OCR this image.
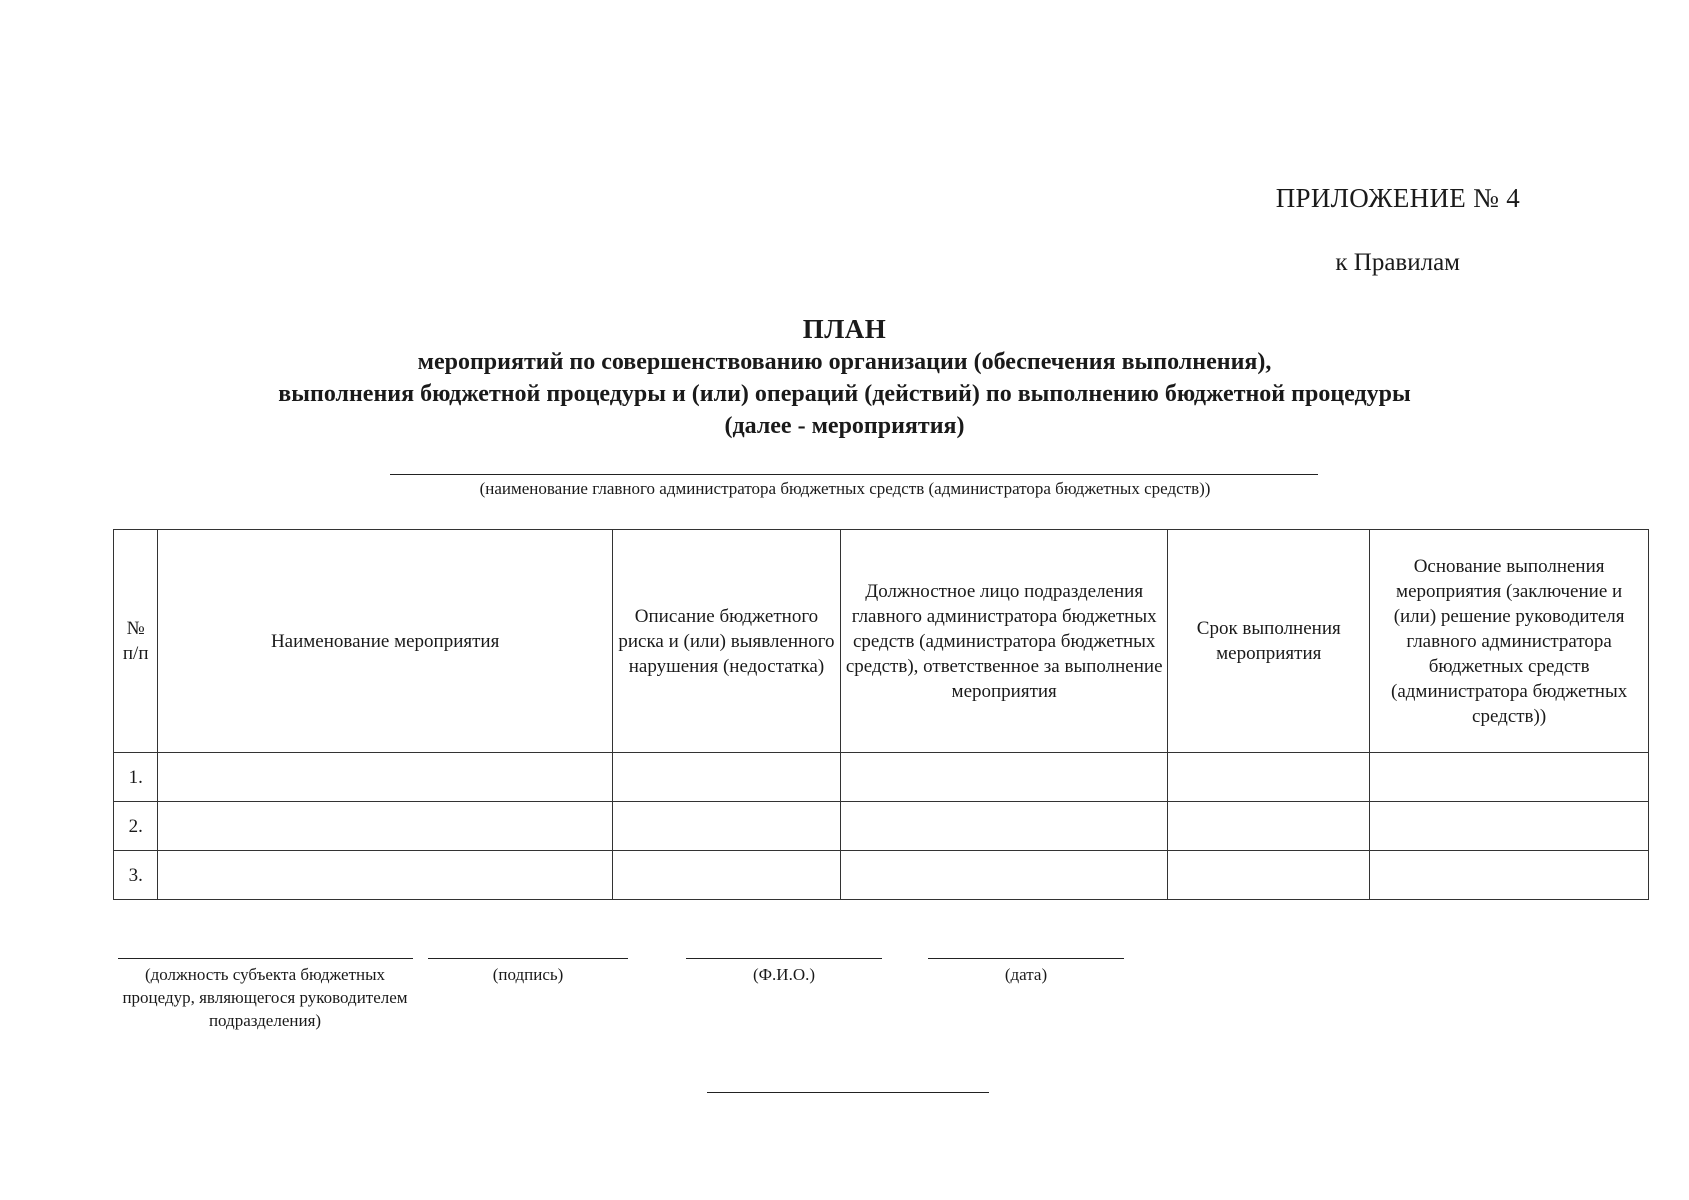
ПРИЛОЖЕНИЕ № 4
к Правилам
ПЛАН
мероприятий по совершенствованию организации (обеспечения выполнения),
выполнения бюджетной процедуры и (или) операций (действий) по выполнению бюджетной процедуры
(далее - мероприятия)
(наименование главного администратора бюджетных средств (администратора бюджетных средств))
№ п/п	Наименование мероприятия	Описание бюджетного риска и (или) выявленного нарушения (недостатка)	Должностное лицо подразделения главного администратора бюджетных средств (администратора бюджетных средств), ответственное за выполнение мероприятия	Срок выполнения мероприятия	Основание выполнения мероприятия (заключение и (или) решение руководителя главного администратора бюджетных средств (администратора бюджетных средств))
1.					
2.					
3.					
(должность субъекта бюджетных процедур, являющегося руководителем подразделения)
(подпись)	(Ф.И.О.)	(дата)
